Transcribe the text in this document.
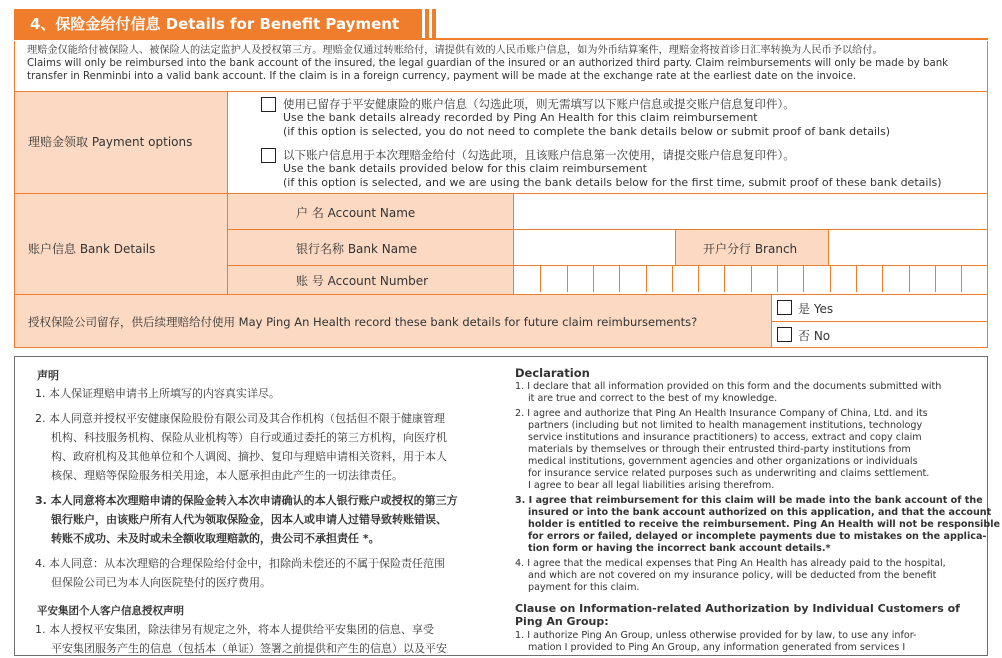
4、保险金给付信息 Details for Benefit Payment
理赔金仅能给付被保险人、被保险人的法定监护人及授权第三方。理赔金仅通过转账给付，请提供有效的人民币账户信息，如为外币结算案件，理赔金将按首诊日汇率转换为人民币予以给付。
Claims will only be reimbursed into the bank account of the insured, the legal guardian of the insured or an authorized third party. Claim reimbursements will only be made by bank
transfer in Renminbi into a valid bank account. If the claim is in a foreign currency, payment will be made at the exchange rate at the earliest date on the invoice.
理赔金领取 Payment options
使用已留存于平安健康险的账户信息（勾选此项，则无需填写以下账户信息或提交账户信息复印件）。
Use the bank details already recorded by Ping An Health for this claim reimbursement
(if this option is selected, you do not need to complete the bank details below or submit proof of bank details)
以下账户信息用于本次理赔金给付（勾选此项，且该账户信息第一次使用，请提交账户信息复印件）。
Use the bank details provided below for this claim reimbursement
(if this option is selected, and we are using the bank details below for the first time, submit proof of these bank details)
账户信息 Bank Details
户 名 Account Name
银行名称 Bank Name	开户分行 Branch
账 号 Account Number
授权保险公司留存，供后续理赔给付使用 May Ping An Health record these bank details for future claim reimbursements?
是 Yes
否 No
声明
1. 本人保证理赔申请书上所填写的内容真实详尽。
2. 本人同意并授权平安健康保险股份有限公司及其合作机构（包括但不限于健康管理
机构、科技服务机构、保险从业机构等）自行或通过委托的第三方机构，向医疗机
构、政府机构及其他单位和个人调阅、摘抄、复印与理赔申请相关资料，用于本人
核保、理赔等保险服务相关用途，本人愿承担由此产生的一切法律责任。
3. 本人同意将本次理赔申请的保险金转入本次申请确认的本人银行账户或授权的第三方
银行账户，由该账户所有人代为领取保险金，因本人或申请人过错导致转账错误、
转账不成功、未及时或未全额收取理赔款的，贵公司不承担责任 *。
4. 本人同意：从本次理赔的合理保险给付金中，扣除尚未偿还的不属于保险责任范围
但保险公司已为本人向医院垫付的医疗费用。
平安集团个人客户信息授权声明
1. 本人授权平安集团，除法律另有规定之外，将本人提供给平安集团的信息、享受
平安集团服务产生的信息（包括本（单证）签署之前提供和产生的信息）以及平安
Declaration
1. I declare that all information provided on this form and the documents submitted with
it are true and correct to the best of my knowledge.
2. I agree and authorize that Ping An Health Insurance Company of China, Ltd. and its
partners (including but not limited to health management institutions, technology
service institutions and insurance practitioners) to access, extract and copy claim
materials by themselves or through their entrusted third-party institutions from
medical institutions, government agencies and other organizations or individuals
for insurance service related purposes such as underwriting and claims settlement.
I agree to bear all legal liabilities arising therefrom.
3. I agree that reimbursement for this claim will be made into the bank account of the
insured or into the bank account authorized on this application, and that the account
holder is entitled to receive the reimbursement. Ping An Health will not be responsible
for errors or failed, delayed or incomplete payments due to mistakes on the applica-
tion form or having the incorrect bank account details.*
4. I agree that the medical expenses that Ping An Health has already paid to the hospital,
and which are not covered on my insurance policy, will be deducted from the benefit
payment for this claim.
Clause on Information-related Authorization by Individual Customers of
Ping An Group:
1. I authorize Ping An Group, unless otherwise provided for by law, to use any infor-
mation I provided to Ping An Group, any information generated from services I
